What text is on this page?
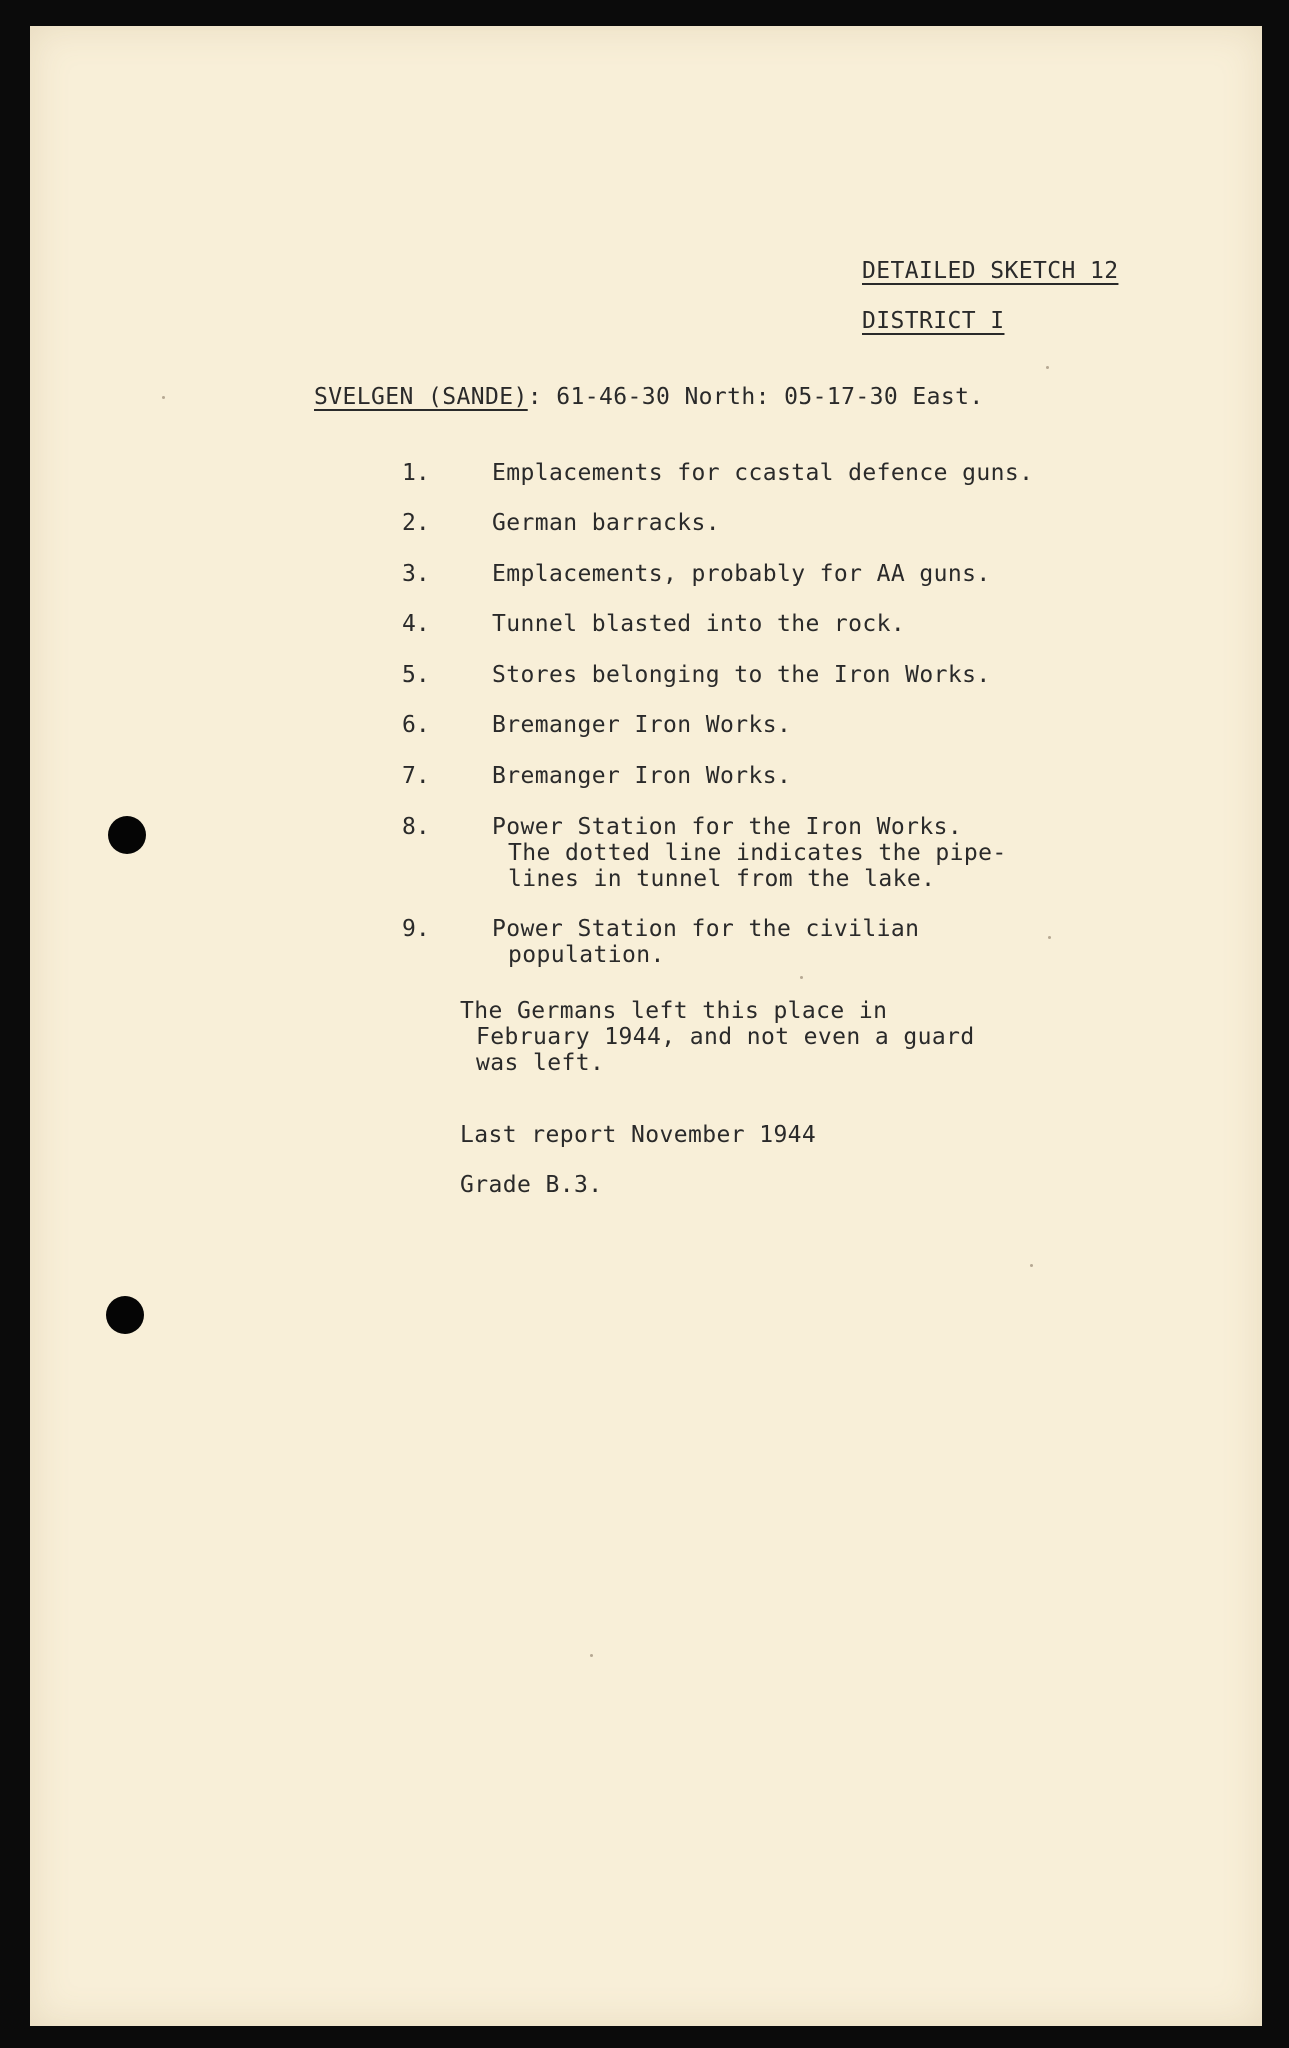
DETAILED SKETCH 12
DISTRICT I
SVELGEN (SANDE): 61-46-30 North: 05-17-30 East.
1.	Emplacements for ccastal defence guns.
2.	German barracks.
3.	Emplacements, probably for AA guns.
4.	Tunnel blasted into the rock.
5.	Stores belonging to the Iron Works.
6.	Bremanger Iron Works.
7.	Bremanger Iron Works.
8.	Power Station for the Iron Works.
The dotted line indicates the pipe-
lines in tunnel from the lake.
9.	Power Station for the civilian
population.
The Germans left this place in
February 1944, and not even a guard
was left.
Last report November 1944
Grade B.3.
